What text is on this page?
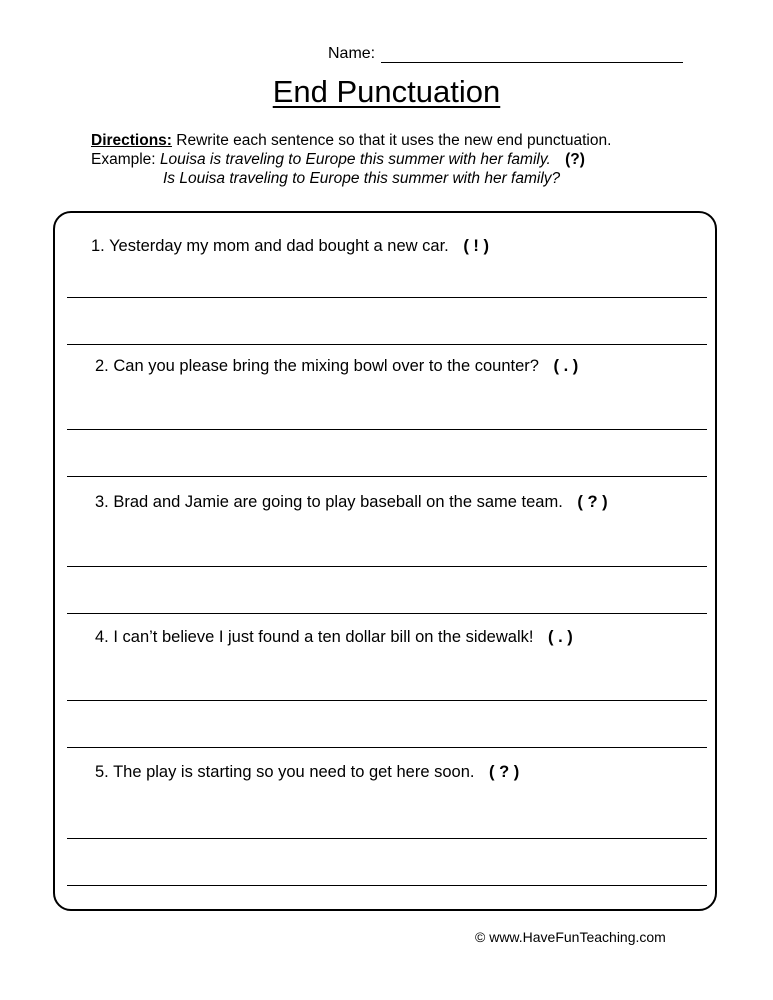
Name:
End Punctuation
Directions: Rewrite each sentence so that it uses the new end punctuation.
Example: Louisa is traveling to Europe this summer with her family. (?)
Is Louisa traveling to Europe this summer with her family?
1. Yesterday my mom and dad bought a new car. ( ! )
2. Can you please bring the mixing bowl over to the counter? ( . )
3. Brad and Jamie are going to play baseball on the same team. ( ? )
4. I can’t believe I just found a ten dollar bill on the sidewalk! ( . )
5. The play is starting so you need to get here soon. ( ? )
© www.HaveFunTeaching.com
